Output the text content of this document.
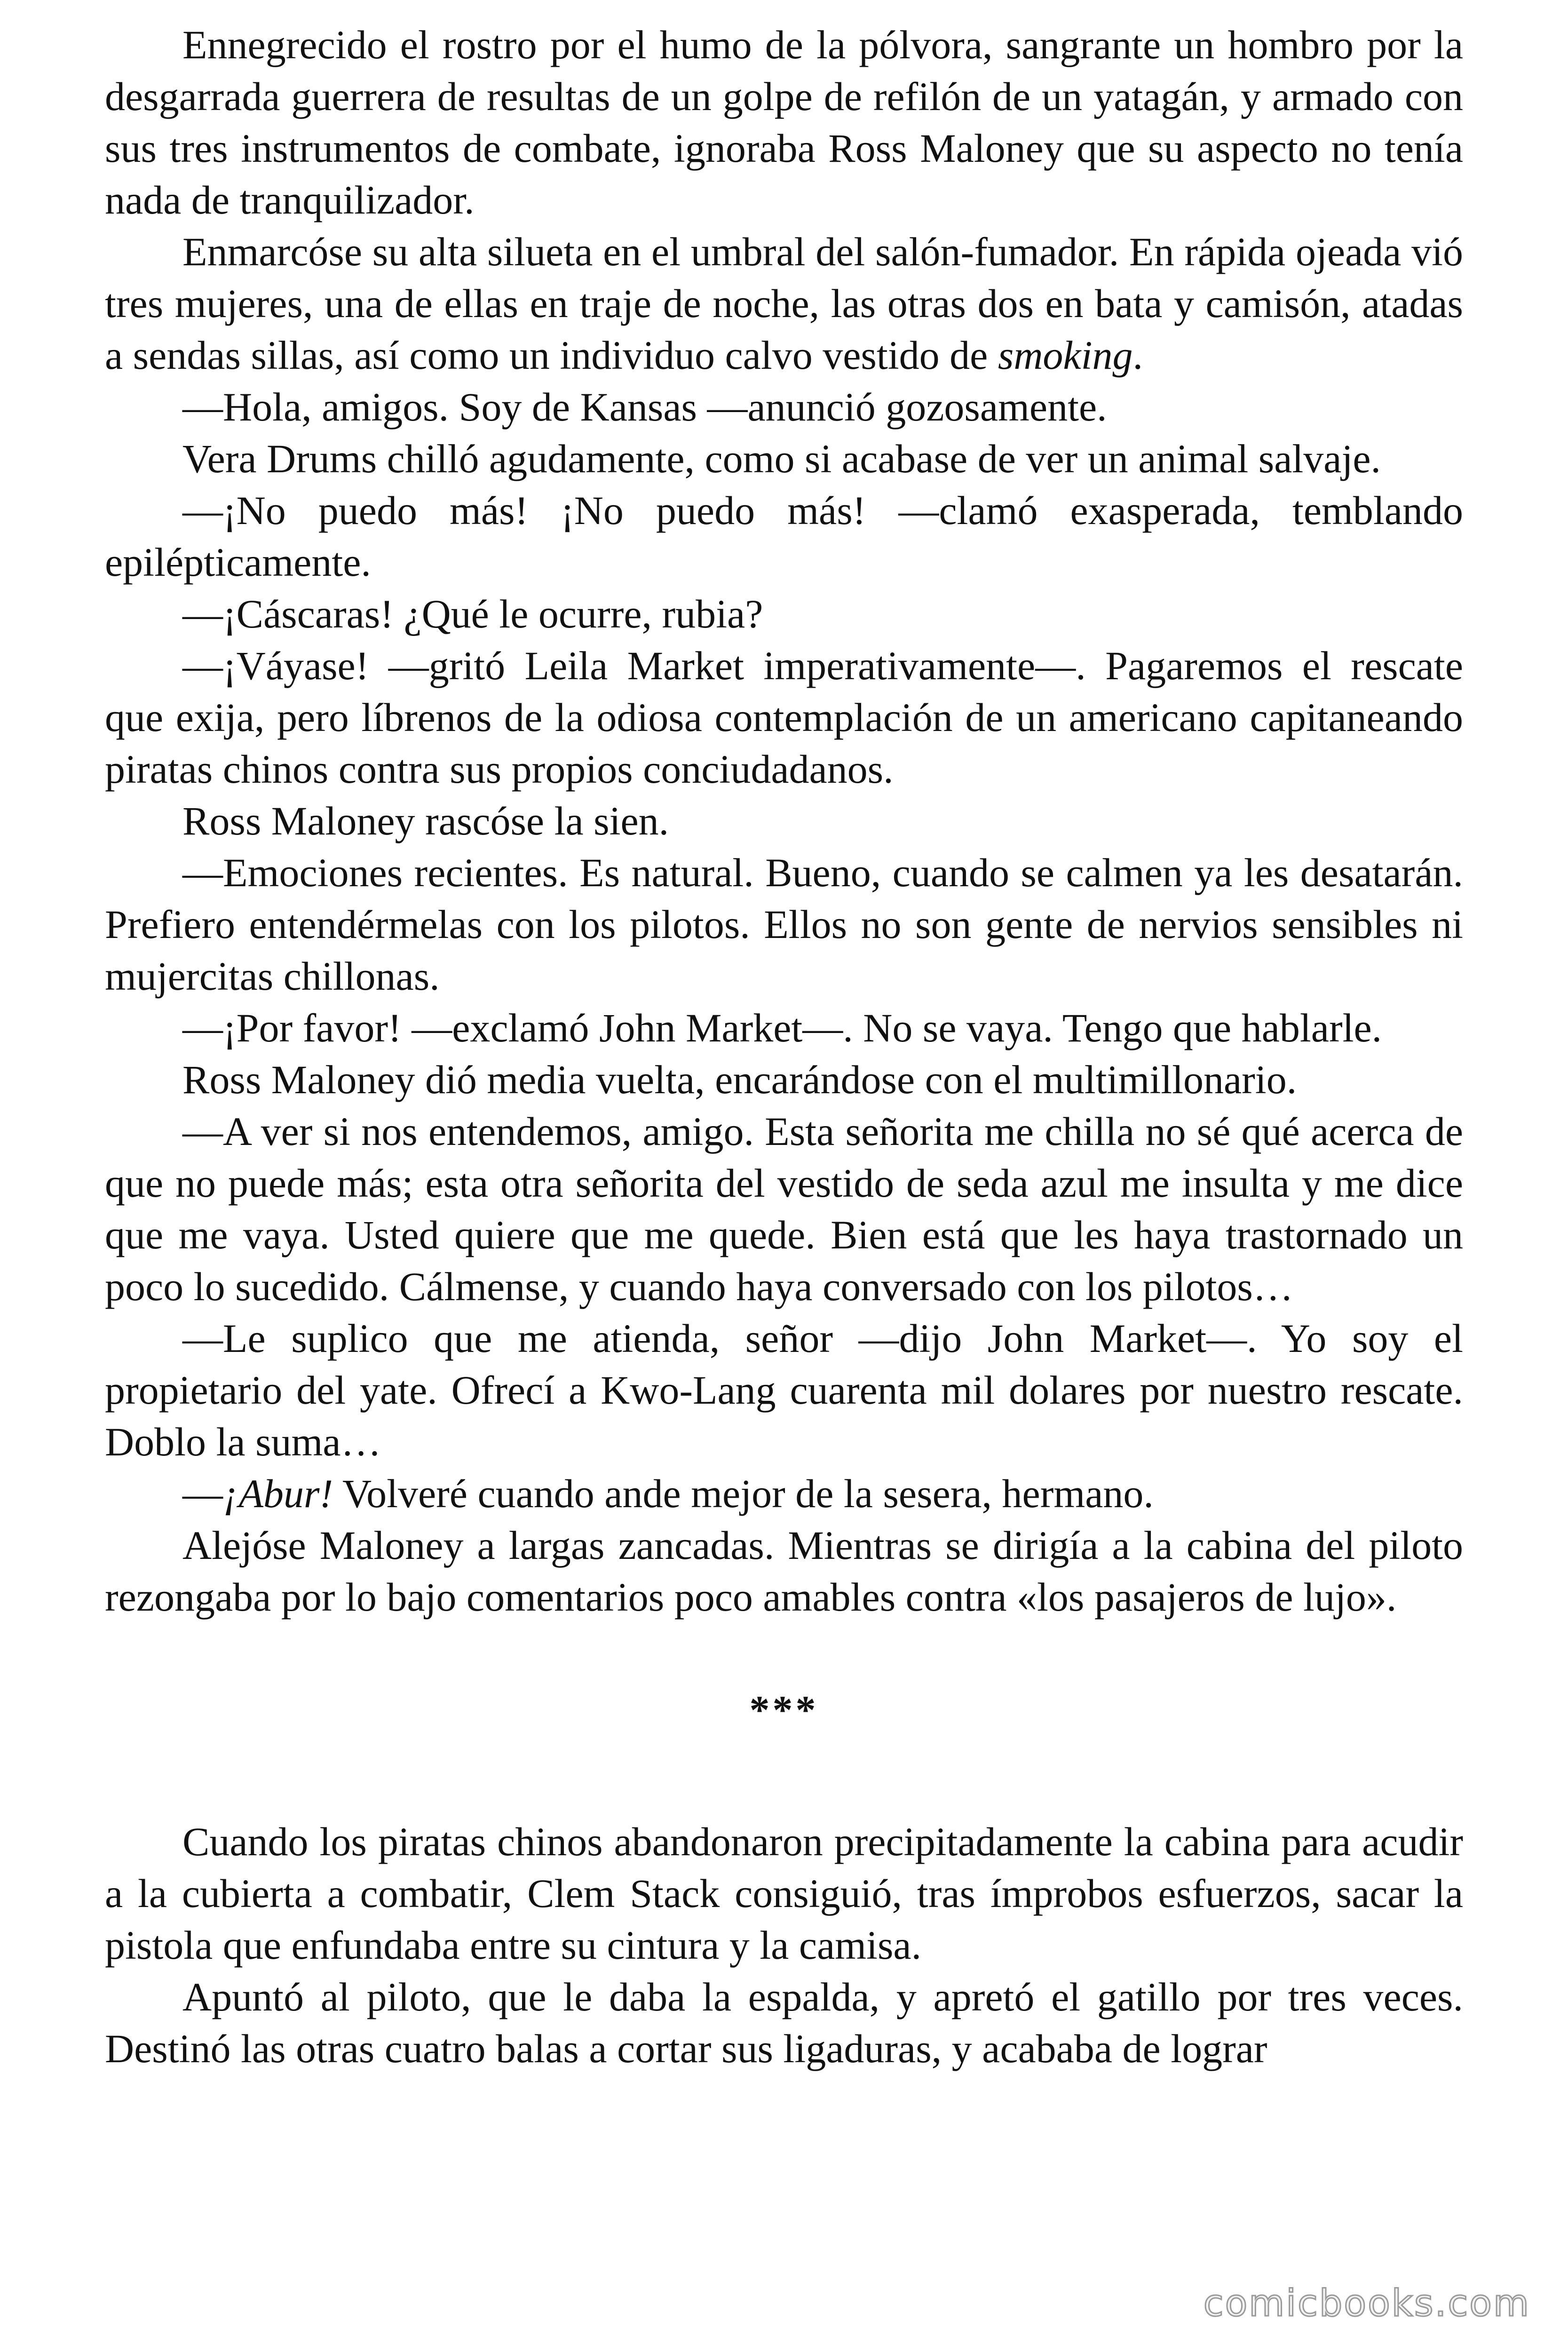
Ennegrecido el rostro por el humo de la pólvora, sangrante un hombro por la desgarrada guerrera de resultas de un golpe de refilón de un yatagán, y armado con sus tres instrumentos de combate, ignoraba Ross Maloney que su aspecto no tenía nada de tranquilizador.

Enmarcóse su alta silueta en el umbral del salón-fumador. En rápida ojeada vió tres mujeres, una de ellas en traje de noche, las otras dos en bata y camisón, atadas a sendas sillas, así como un individuo calvo vestido de smoking.

—Hola, amigos. Soy de Kansas —anunció gozosamente.

Vera Drums chilló agudamente, como si acabase de ver un animal salvaje.

—¡No puedo más! ¡No puedo más! —clamó exasperada, temblando epilépticamente.

—¡Cáscaras! ¿Qué le ocurre, rubia?

—¡Váyase! —gritó Leila Market imperativamente—. Pagaremos el rescate que exija, pero líbrenos de la odiosa contemplación de un americano capitaneando piratas chinos contra sus propios conciudadanos.

Ross Maloney rascóse la sien.

—Emociones recientes. Es natural. Bueno, cuando se calmen ya les desatarán. Prefiero entendérmelas con los pilotos. Ellos no son gente de nervios sensibles ni mujercitas chillonas.

—¡Por favor! —exclamó John Market—. No se vaya. Tengo que hablarle.

Ross Maloney dió media vuelta, encarándose con el multimillonario.

—A ver si nos entendemos, amigo. Esta señorita me chilla no sé qué acerca de que no puede más; esta otra señorita del vestido de seda azul me insulta y me dice que me vaya. Usted quiere que me quede. Bien está que les haya trastornado un poco lo sucedido. Cálmense, y cuando haya conversado con los pilotos…

—Le suplico que me atienda, señor —dijo John Market—. Yo soy el propietario del yate. Ofrecí a Kwo-Lang cuarenta mil dolares por nuestro rescate. Doblo la suma…

—¡Abur! Volveré cuando ande mejor de la sesera, hermano.

Alejóse Maloney a largas zancadas. Mientras se dirigía a la cabina del piloto rezongaba por lo bajo comentarios poco amables contra «los pasajeros de lujo».

***

Cuando los piratas chinos abandonaron precipitadamente la cabina para acudir a la cubierta a combatir, Clem Stack consiguió, tras ímprobos esfuerzos, sacar la pistola que enfundaba entre su cintura y la camisa.

Apuntó al piloto, que le daba la espalda, y apretó el gatillo por tres veces. Destinó las otras cuatro balas a cortar sus ligaduras, y acababa de lograr

comicbooks.com
